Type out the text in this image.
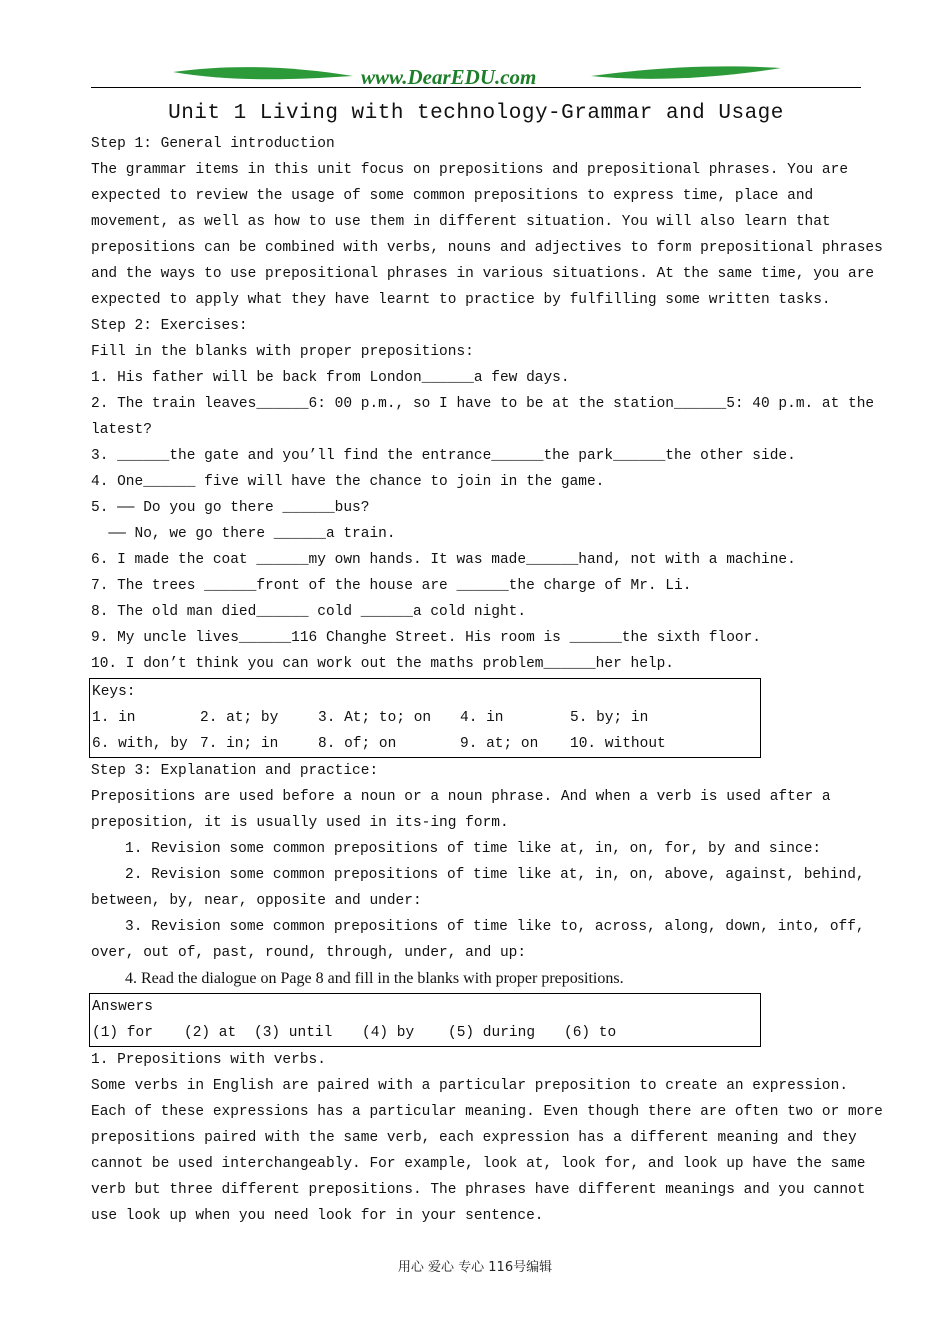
www.DearEDU.com
Unit 1 Living with technology-Grammar and Usage
Step 1: General introduction
The grammar items in this unit focus on prepositions and prepositional phrases. You are
expected to review the usage of some common prepositions to express time, place and
movement, as well as how to use them in different situation. You will also learn that
prepositions can be combined with verbs, nouns and adjectives to form prepositional phrases
and the ways to use prepositional phrases in various situations. At the same time, you are
expected to apply what they have learnt to practice by fulfilling some written tasks.
Step 2: Exercises:
Fill in the blanks with proper prepositions:
1. His father will be back from London______a few days.
2. The train leaves______6: 00 p.m., so I have to be at the station______5: 40 p.m. at the
latest?
3. ______the gate and you’ll find the entrance______the park______the other side.
4. One______ five will have the chance to join in the game.
5. —— Do you go there ______bus?
—— No, we go there ______a train.
6. I made the coat ______my own hands. It was made______hand, not with a machine.
7. The trees ______front of the house are ______the charge of Mr. Li.
8. The old man died______ cold ______a cold night.
9. My uncle lives______116 Changhe Street. His room is ______the sixth floor.
10. I don’t think you can work out the maths problem______her help.
Keys:
1. in	2. at; by	3. At; to; on	4. in	5. by; in
6. with, by 7. in; in	8. of; on	9. at; on	10. without
Step 3: Explanation and practice:
Prepositions are used before a noun or a noun phrase. And when a verb is used after a
preposition, it is usually used in its-ing form.
1. Revision some common prepositions of time like at, in, on, for, by and since:
2. Revision some common prepositions of time like at, in, on, above, against, behind,
between, by, near, opposite and under:
3. Revision some common prepositions of time like to, across, along, down, into, off,
over, out of, past, round, through, under, and up:
4. Read the dialogue on Page 8 and fill in the blanks with proper prepositions.
Answers
(1) for	(2) at	(3) until	(4) by	(5) during	(6) to
1. Prepositions with verbs.
Some verbs in English are paired with a particular preposition to create an expression.
Each of these expressions has a particular meaning. Even though there are often two or more
prepositions paired with the same verb, each expression has a different meaning and they
cannot be used interchangeably. For example, look at, look for, and look up have the same
verb but three different prepositions. The phrases have different meanings and you cannot
use look up when you need look for in your sentence.
用心 爱心 专心 116号编辑
